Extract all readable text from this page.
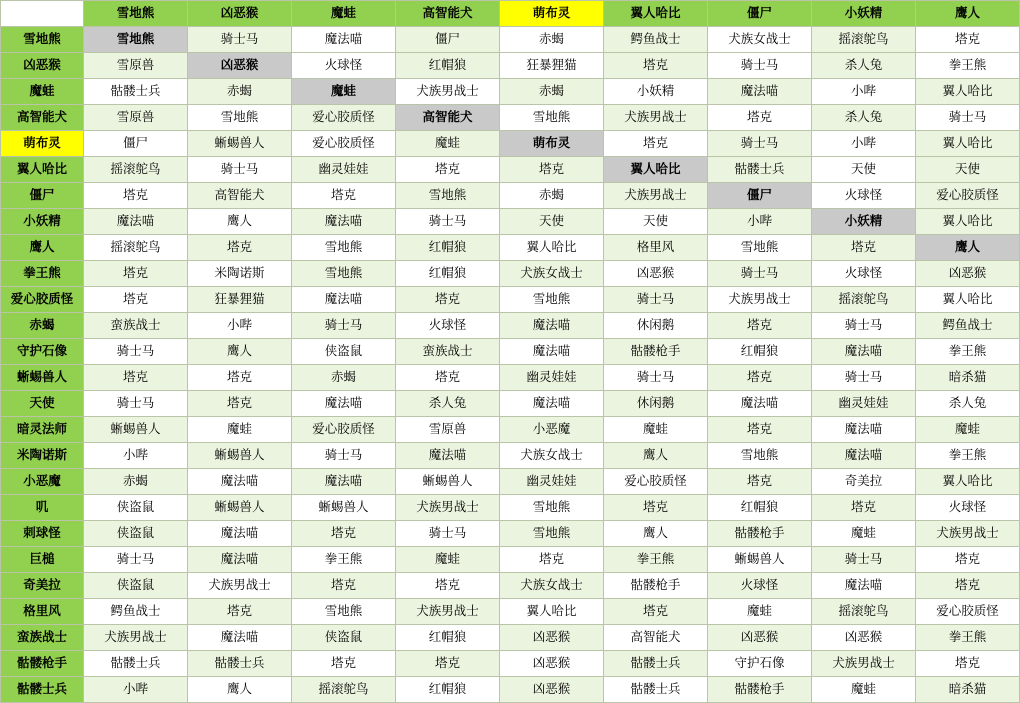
	雪地熊	凶恶猴	魔蛙	高智能犬	萌布灵	翼人哈比	僵尸	小妖精	鹰人
雪地熊	雪地熊	骑士马	魔法喵	僵尸	赤蝎	鳄鱼战士	犬族女战士	摇滚鸵鸟	塔克
凶恶猴	雪原兽	凶恶猴	火球怪	红帽狼	狂暴狸猫	塔克	骑士马	杀人兔	拳王熊
魔蛙	骷髅士兵	赤蝎	魔蛙	犬族男战士	赤蝎	小妖精	魔法喵	小哔	翼人哈比
高智能犬	雪原兽	雪地熊	爱心胶质怪	高智能犬	雪地熊	犬族男战士	塔克	杀人兔	骑士马
萌布灵	僵尸	蜥蜴兽人	爱心胶质怪	魔蛙	萌布灵	塔克	骑士马	小哔	翼人哈比
翼人哈比	摇滚鸵鸟	骑士马	幽灵娃娃	塔克	塔克	翼人哈比	骷髅士兵	天使	天使
僵尸	塔克	高智能犬	塔克	雪地熊	赤蝎	犬族男战士	僵尸	火球怪	爱心胶质怪
小妖精	魔法喵	鹰人	魔法喵	骑士马	天使	天使	小哔	小妖精	翼人哈比
鹰人	摇滚鸵鸟	塔克	雪地熊	红帽狼	翼人哈比	格里风	雪地熊	塔克	鹰人
拳王熊	塔克	米陶诺斯	雪地熊	红帽狼	犬族女战士	凶恶猴	骑士马	火球怪	凶恶猴
爱心胶质怪	塔克	狂暴狸猫	魔法喵	塔克	雪地熊	骑士马	犬族男战士	摇滚鸵鸟	翼人哈比
赤蝎	蛮族战士	小哔	骑士马	火球怪	魔法喵	休闲鹅	塔克	骑士马	鳄鱼战士
守护石像	骑士马	鹰人	侠盗鼠	蛮族战士	魔法喵	骷髅枪手	红帽狼	魔法喵	拳王熊
蜥蜴兽人	塔克	塔克	赤蝎	塔克	幽灵娃娃	骑士马	塔克	骑士马	暗杀猫
天使	骑士马	塔克	魔法喵	杀人兔	魔法喵	休闲鹅	魔法喵	幽灵娃娃	杀人兔
暗灵法师	蜥蜴兽人	魔蛙	爱心胶质怪	雪原兽	小恶魔	魔蛙	塔克	魔法喵	魔蛙
米陶诺斯	小哔	蜥蜴兽人	骑士马	魔法喵	犬族女战士	鹰人	雪地熊	魔法喵	拳王熊
小恶魔	赤蝎	魔法喵	魔法喵	蜥蜴兽人	幽灵娃娃	爱心胶质怪	塔克	奇美拉	翼人哈比
叽	侠盗鼠	蜥蜴兽人	蜥蜴兽人	犬族男战士	雪地熊	塔克	红帽狼	塔克	火球怪
刺球怪	侠盗鼠	魔法喵	塔克	骑士马	雪地熊	鹰人	骷髅枪手	魔蛙	犬族男战士
巨槌	骑士马	魔法喵	拳王熊	魔蛙	塔克	拳王熊	蜥蜴兽人	骑士马	塔克
奇美拉	侠盗鼠	犬族男战士	塔克	塔克	犬族女战士	骷髅枪手	火球怪	魔法喵	塔克
格里风	鳄鱼战士	塔克	雪地熊	犬族男战士	翼人哈比	塔克	魔蛙	摇滚鸵鸟	爱心胶质怪
蛮族战士	犬族男战士	魔法喵	侠盗鼠	红帽狼	凶恶猴	高智能犬	凶恶猴	凶恶猴	拳王熊
骷髅枪手	骷髅士兵	骷髅士兵	塔克	塔克	凶恶猴	骷髅士兵	守护石像	犬族男战士	塔克
骷髅士兵	小哔	鹰人	摇滚鸵鸟	红帽狼	凶恶猴	骷髅士兵	骷髅枪手	魔蛙	暗杀猫
